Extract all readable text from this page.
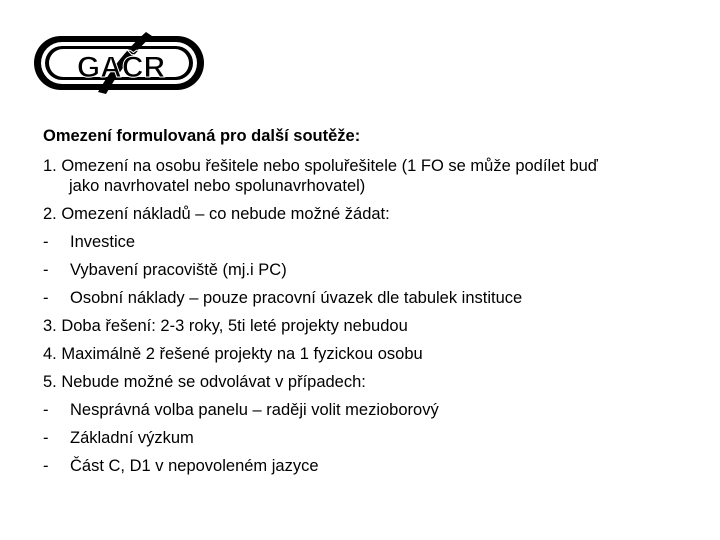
GAČR
Omezení formulovaná pro další soutěže:
1. Omezení na osobu řešitele nebo spoluřešitele (1 FO se může podílet buď
jako navrhovatel nebo spolunavrhovatel)
2. Omezení nákladů – co nebude možné žádat:
-	Investice
-	Vybavení pracoviště (mj.i PC)
-	Osobní náklady – pouze pracovní úvazek dle tabulek instituce
3. Doba řešení: 2-3 roky, 5ti leté projekty nebudou
4. Maximálně 2 řešené projekty na 1 fyzickou osobu
5. Nebude možné se odvolávat v případech:
-	Nesprávná volba panelu – raději volit mezioborový
-	Základní výzkum
-	Část C, D1 v nepovoleném jazyce
